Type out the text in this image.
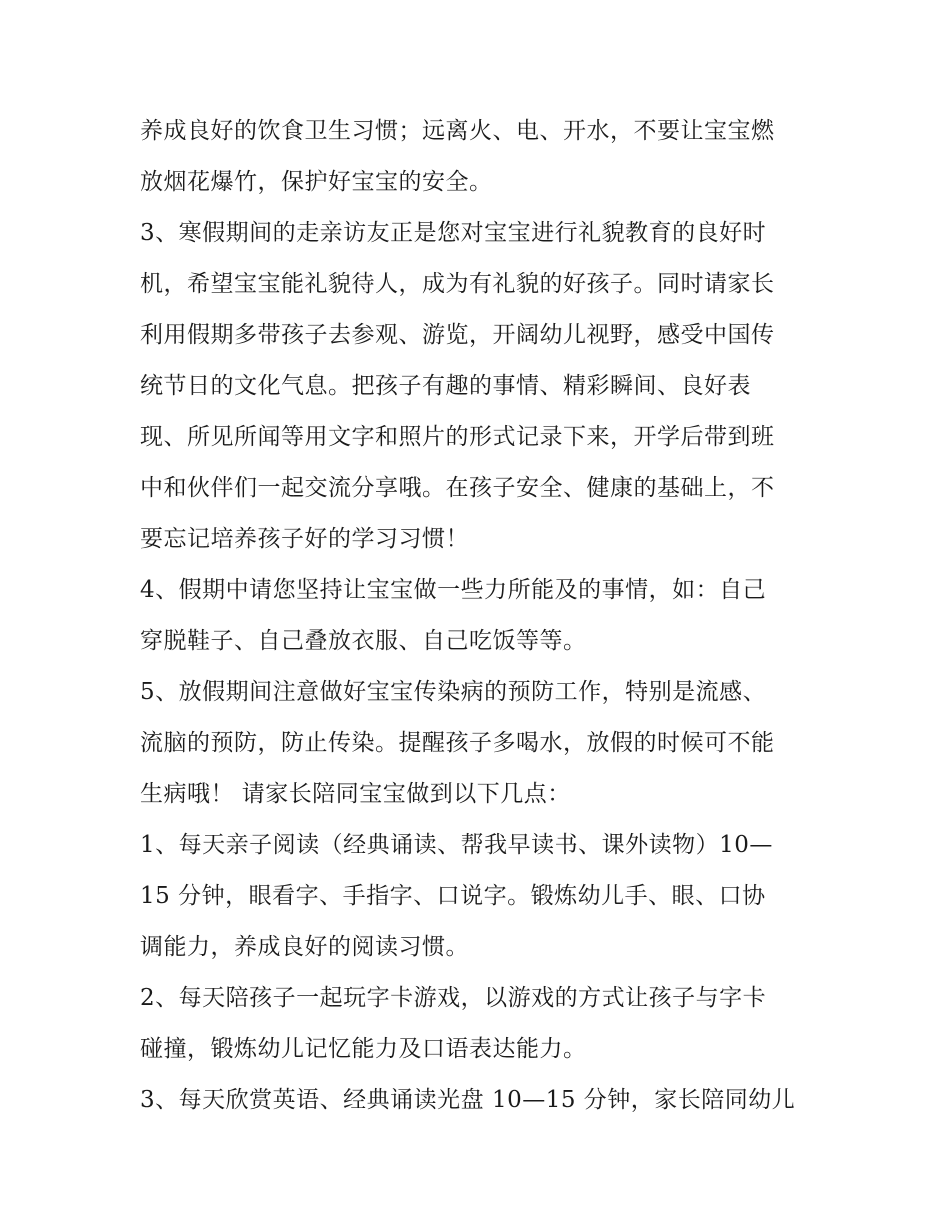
养成良好的饮食卫生习惯；远离火、电、开水，不要让宝宝燃
放烟花爆竹，保护好宝宝的安全。
3、寒假期间的走亲访友正是您对宝宝进行礼貌教育的良好时
机，希望宝宝能礼貌待人，成为有礼貌的好孩子。同时请家长
利用假期多带孩子去参观、游览，开阔幼儿视野，感受中国传
统节日的文化气息。把孩子有趣的事情、精彩瞬间、良好表
现、所见所闻等用文字和照片的形式记录下来，开学后带到班
中和伙伴们一起交流分享哦。在孩子安全、健康的基础上，不
要忘记培养孩子好的学习习惯！
4、假期中请您坚持让宝宝做一些力所能及的事情，如：自己
穿脱鞋子、自己叠放衣服、自己吃饭等等。
5、放假期间注意做好宝宝传染病的预防工作，特别是流感、
流脑的预防，防止传染。提醒孩子多喝水，放假的时候可不能
生病哦！ 请家长陪同宝宝做到以下几点：
1、每天亲子阅读（经典诵读、帮我早读书、课外读物）10—
15 分钟，眼看字、手指字、口说字。锻炼幼儿手、眼、口协
调能力，养成良好的阅读习惯。
2、每天陪孩子一起玩字卡游戏，以游戏的方式让孩子与字卡
碰撞，锻炼幼儿记忆能力及口语表达能力。
3、每天欣赏英语、经典诵读光盘 10—15 分钟，家长陪同幼儿
